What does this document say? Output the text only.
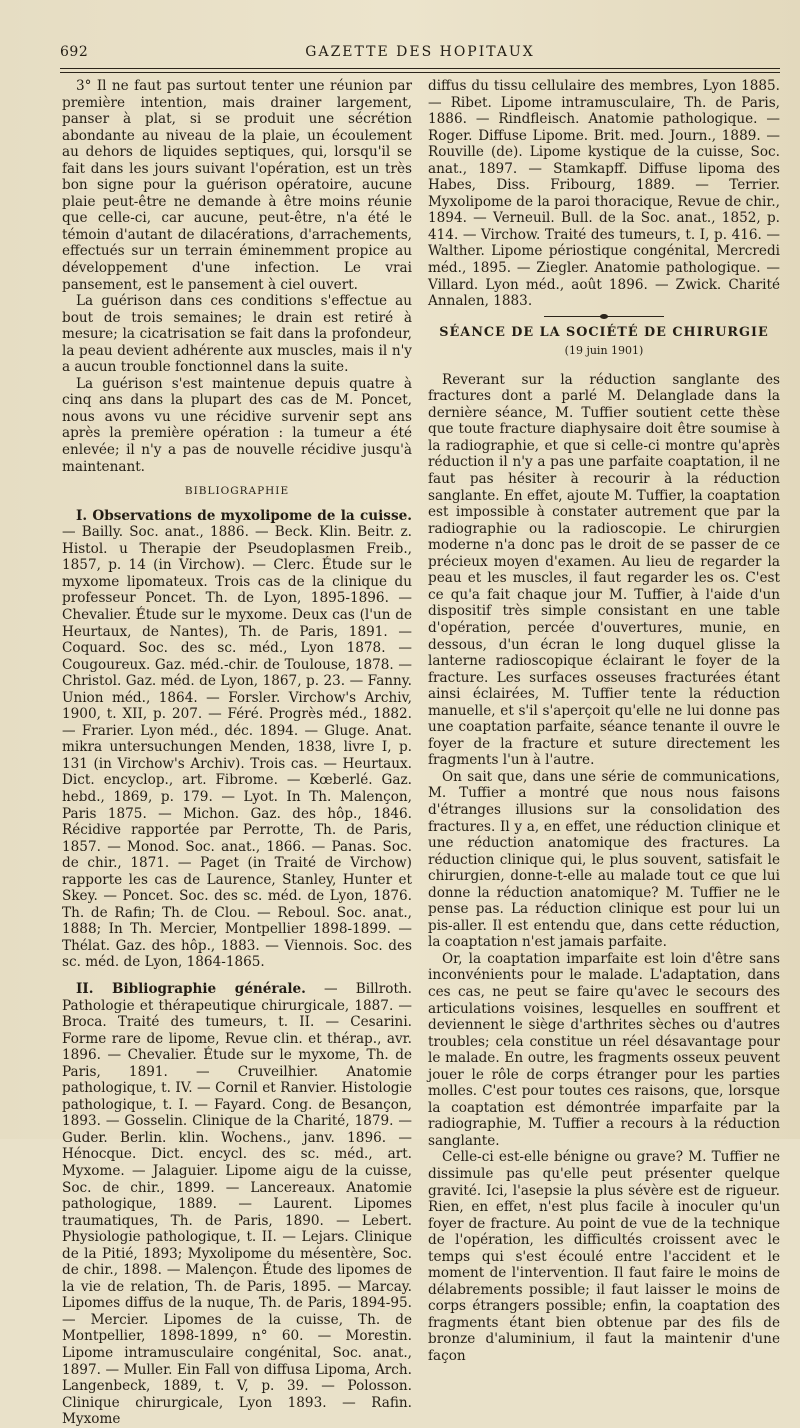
692	GAZETTE DES HOPITAUX

3° Il ne faut pas surtout tenter une réunion par première intention, mais drainer largement, panser à plat, si se produit une sécrétion abondante au niveau de la plaie, un écoulement au dehors de liquides septiques, qui, lorsqu'il se fait dans les jours suivant l'opération, est un très bon signe pour la guérison opératoire, aucune plaie peut-être ne demande à être moins réunie que celle-ci, car aucune, peut-être, n'a été le témoin d'autant de dilacérations, d'arrachements, effectués sur un terrain éminemment propice au développement d'une infection. Le vrai pansement, est le pansement à ciel ouvert.

La guérison dans ces conditions s'effectue au bout de trois semaines; le drain est retiré à mesure; la cicatrisation se fait dans la profondeur, la peau devient adhérente aux muscles, mais il n'y a aucun trouble fonctionnel dans la suite.

La guérison s'est maintenue depuis quatre à cinq ans dans la plupart des cas de M. Poncet, nous avons vu une récidive survenir sept ans après la première opération : la tumeur a été enlevée; il n'y a pas de nouvelle récidive jusqu'à maintenant.

BIBLIOGRAPHIE

I. Observations de myxolipome de la cuisse. — Bailly. Soc. anat., 1886. — Beck. Klin. Beitr. z. Histol. u Therapie der Pseudoplasmen Freib., 1857, p. 14 (in Virchow). — Clerc. Étude sur le myxome lipomateux. Trois cas de la clinique du professeur Poncet. Th. de Lyon, 1895-1896. — Chevalier. Étude sur le myxome. Deux cas (l'un de Heurtaux, de Nantes), Th. de Paris, 1891. — Coquard. Soc. des sc. méd., Lyon 1878. — Cougoureux. Gaz. méd.-chir. de Toulouse, 1878. — Christol. Gaz. méd. de Lyon, 1867, p. 23. — Fanny. Union méd., 1864. — Forsler. Virchow's Archiv, 1900, t. XII, p. 207. — Féré. Progrès méd., 1882. — Frarier. Lyon méd., déc. 1894. — Gluge. Anat. mikra untersuchungen Menden, 1838, livre I, p. 131 (in Virchow's Archiv). Trois cas. — Heurtaux. Dict. encyclop., art. Fibrome. — Kœberlé. Gaz. hebd., 1869, p. 179. — Lyot. In Th. Malençon, Paris 1875. — Michon. Gaz. des hôp., 1846. Récidive rapportée par Perrotte, Th. de Paris, 1857. — Monod. Soc. anat., 1866. — Panas. Soc. de chir., 1871. — Paget (in Traité de Virchow) rapporte les cas de Laurence, Stanley, Hunter et Skey. — Poncet. Soc. des sc. méd. de Lyon, 1876. Th. de Rafin; Th. de Clou. — Reboul. Soc. anat., 1888; In Th. Mercier, Montpellier 1898-1899. — Thélat. Gaz. des hôp., 1883. — Viennois. Soc. des sc. méd. de Lyon, 1864-1865.

II. Bibliographie générale. — Billroth. Pathologie et thérapeutique chirurgicale, 1887. — Broca. Traité des tumeurs, t. II. — Cesarini. Forme rare de lipome, Revue clin. et thérap., avr. 1896. — Chevalier. Étude sur le myxome, Th. de Paris, 1891. — Cruveilhier. Anatomie pathologique, t. IV. — Cornil et Ranvier. Histologie pathologique, t. I. — Fayard. Cong. de Besançon, 1893. — Gosselin. Clinique de la Charité, 1879. — Guder. Berlin. klin. Wochens., janv. 1896. — Hénocque. Dict. encycl. des sc. méd., art. Myxome. — Jalaguier. Lipome aigu de la cuisse, Soc. de chir., 1899. — Lancereaux. Anatomie pathologique, 1889. — Laurent. Lipomes traumatiques, Th. de Paris, 1890. — Lebert. Physiologie pathologique, t. II. — Lejars. Clinique de la Pitié, 1893; Myxolipome du mésentère, Soc. de chir., 1898. — Malençon. Étude des lipomes de la vie de relation, Th. de Paris, 1895. — Marcay. Lipomes diffus de la nuque, Th. de Paris, 1894-95. — Mercier. Lipomes de la cuisse, Th. de Montpellier, 1898-1899, n° 60. — Morestin. Lipome intramusculaire congénital, Soc. anat., 1897. — Muller. Ein Fall von diffusa Lipoma, Arch. Langenbeck, 1889, t. V, p. 39. — Polosson. Clinique chirurgicale, Lyon 1893. — Rafin. Myxome

diffus du tissu cellulaire des membres, Lyon 1885. — Ribet. Lipome intramusculaire, Th. de Paris, 1886. — Rindfleisch. Anatomie pathologique. — Roger. Diffuse Lipome. Brit. med. Journ., 1889. — Rouville (de). Lipome kystique de la cuisse, Soc. anat., 1897. — Stamkapff. Diffuse lipoma des Habes, Diss. Fribourg, 1889. — Terrier. Myxolipome de la paroi thoracique, Revue de chir., 1894. — Verneuil. Bull. de la Soc. anat., 1852, p. 414. — Virchow. Traité des tumeurs, t. I, p. 416. — Walther. Lipome périostique congénital, Mercredi méd., 1895. — Ziegler. Anatomie pathologique. — Villard. Lyon méd., août 1896. — Zwick. Charité Annalen, 1883.

SÉANCE DE LA SOCIÉTÉ DE CHIRURGIE
(19 juin 1901)

Reverant sur la réduction sanglante des fractures dont a parlé M. Delanglade dans la dernière séance, M. Tuffier soutient cette thèse que toute fracture diaphysaire doit être soumise à la radiographie, et que si celle-ci montre qu'après réduction il n'y a pas une parfaite coaptation, il ne faut pas hésiter à recourir à la réduction sanglante. En effet, ajoute M. Tuffier, la coaptation est impossible à constater autrement que par la radiographie ou la radioscopie. Le chirurgien moderne n'a donc pas le droit de se passer de ce précieux moyen d'examen. Au lieu de regarder la peau et les muscles, il faut regarder les os. C'est ce qu'a fait chaque jour M. Tuffier, à l'aide d'un dispositif très simple consistant en une table d'opération, percée d'ouvertures, munie, en dessous, d'un écran le long duquel glisse la lanterne radioscopique éclairant le foyer de la fracture. Les surfaces osseuses fracturées étant ainsi éclairées, M. Tuffier tente la réduction manuelle, et s'il s'aperçoit qu'elle ne lui donne pas une coaptation parfaite, séance tenante il ouvre le foyer de la fracture et suture directement les fragments l'un à l'autre.

On sait que, dans une série de communications, M. Tuffier a montré que nous nous faisons d'étranges illusions sur la consolidation des fractures. Il y a, en effet, une réduction clinique et une réduction anatomique des fractures. La réduction clinique qui, le plus souvent, satisfait le chirurgien, donne-t-elle au malade tout ce que lui donne la réduction anatomique? M. Tuffier ne le pense pas. La réduction clinique est pour lui un pis-aller. Il est entendu que, dans cette réduction, la coaptation n'est jamais parfaite.

Or, la coaptation imparfaite est loin d'être sans inconvénients pour le malade. L'adaptation, dans ces cas, ne peut se faire qu'avec le secours des articulations voisines, lesquelles en souffrent et deviennent le siège d'arthrites sèches ou d'autres troubles; cela constitue un réel désavantage pour le malade. En outre, les fragments osseux peuvent jouer le rôle de corps étranger pour les parties molles. C'est pour toutes ces raisons, que, lorsque la coaptation est démontrée imparfaite par la radiographie, M. Tuffier a recours à la réduction sanglante.

Celle-ci est-elle bénigne ou grave? M. Tuffier ne dissimule pas qu'elle peut présenter quelque gravité. Ici, l'asepsie la plus sévère est de rigueur. Rien, en effet, n'est plus facile à inoculer qu'un foyer de fracture. Au point de vue de la technique de l'opération, les difficultés croissent avec le temps qui s'est écoulé entre l'accident et le moment de l'intervention. Il faut faire le moins de délabrements possible; il faut laisser le moins de corps étrangers possible; enfin, la coaptation des fragments étant bien obtenue par des fils de bronze d'aluminium, il faut la maintenir d'une façon
